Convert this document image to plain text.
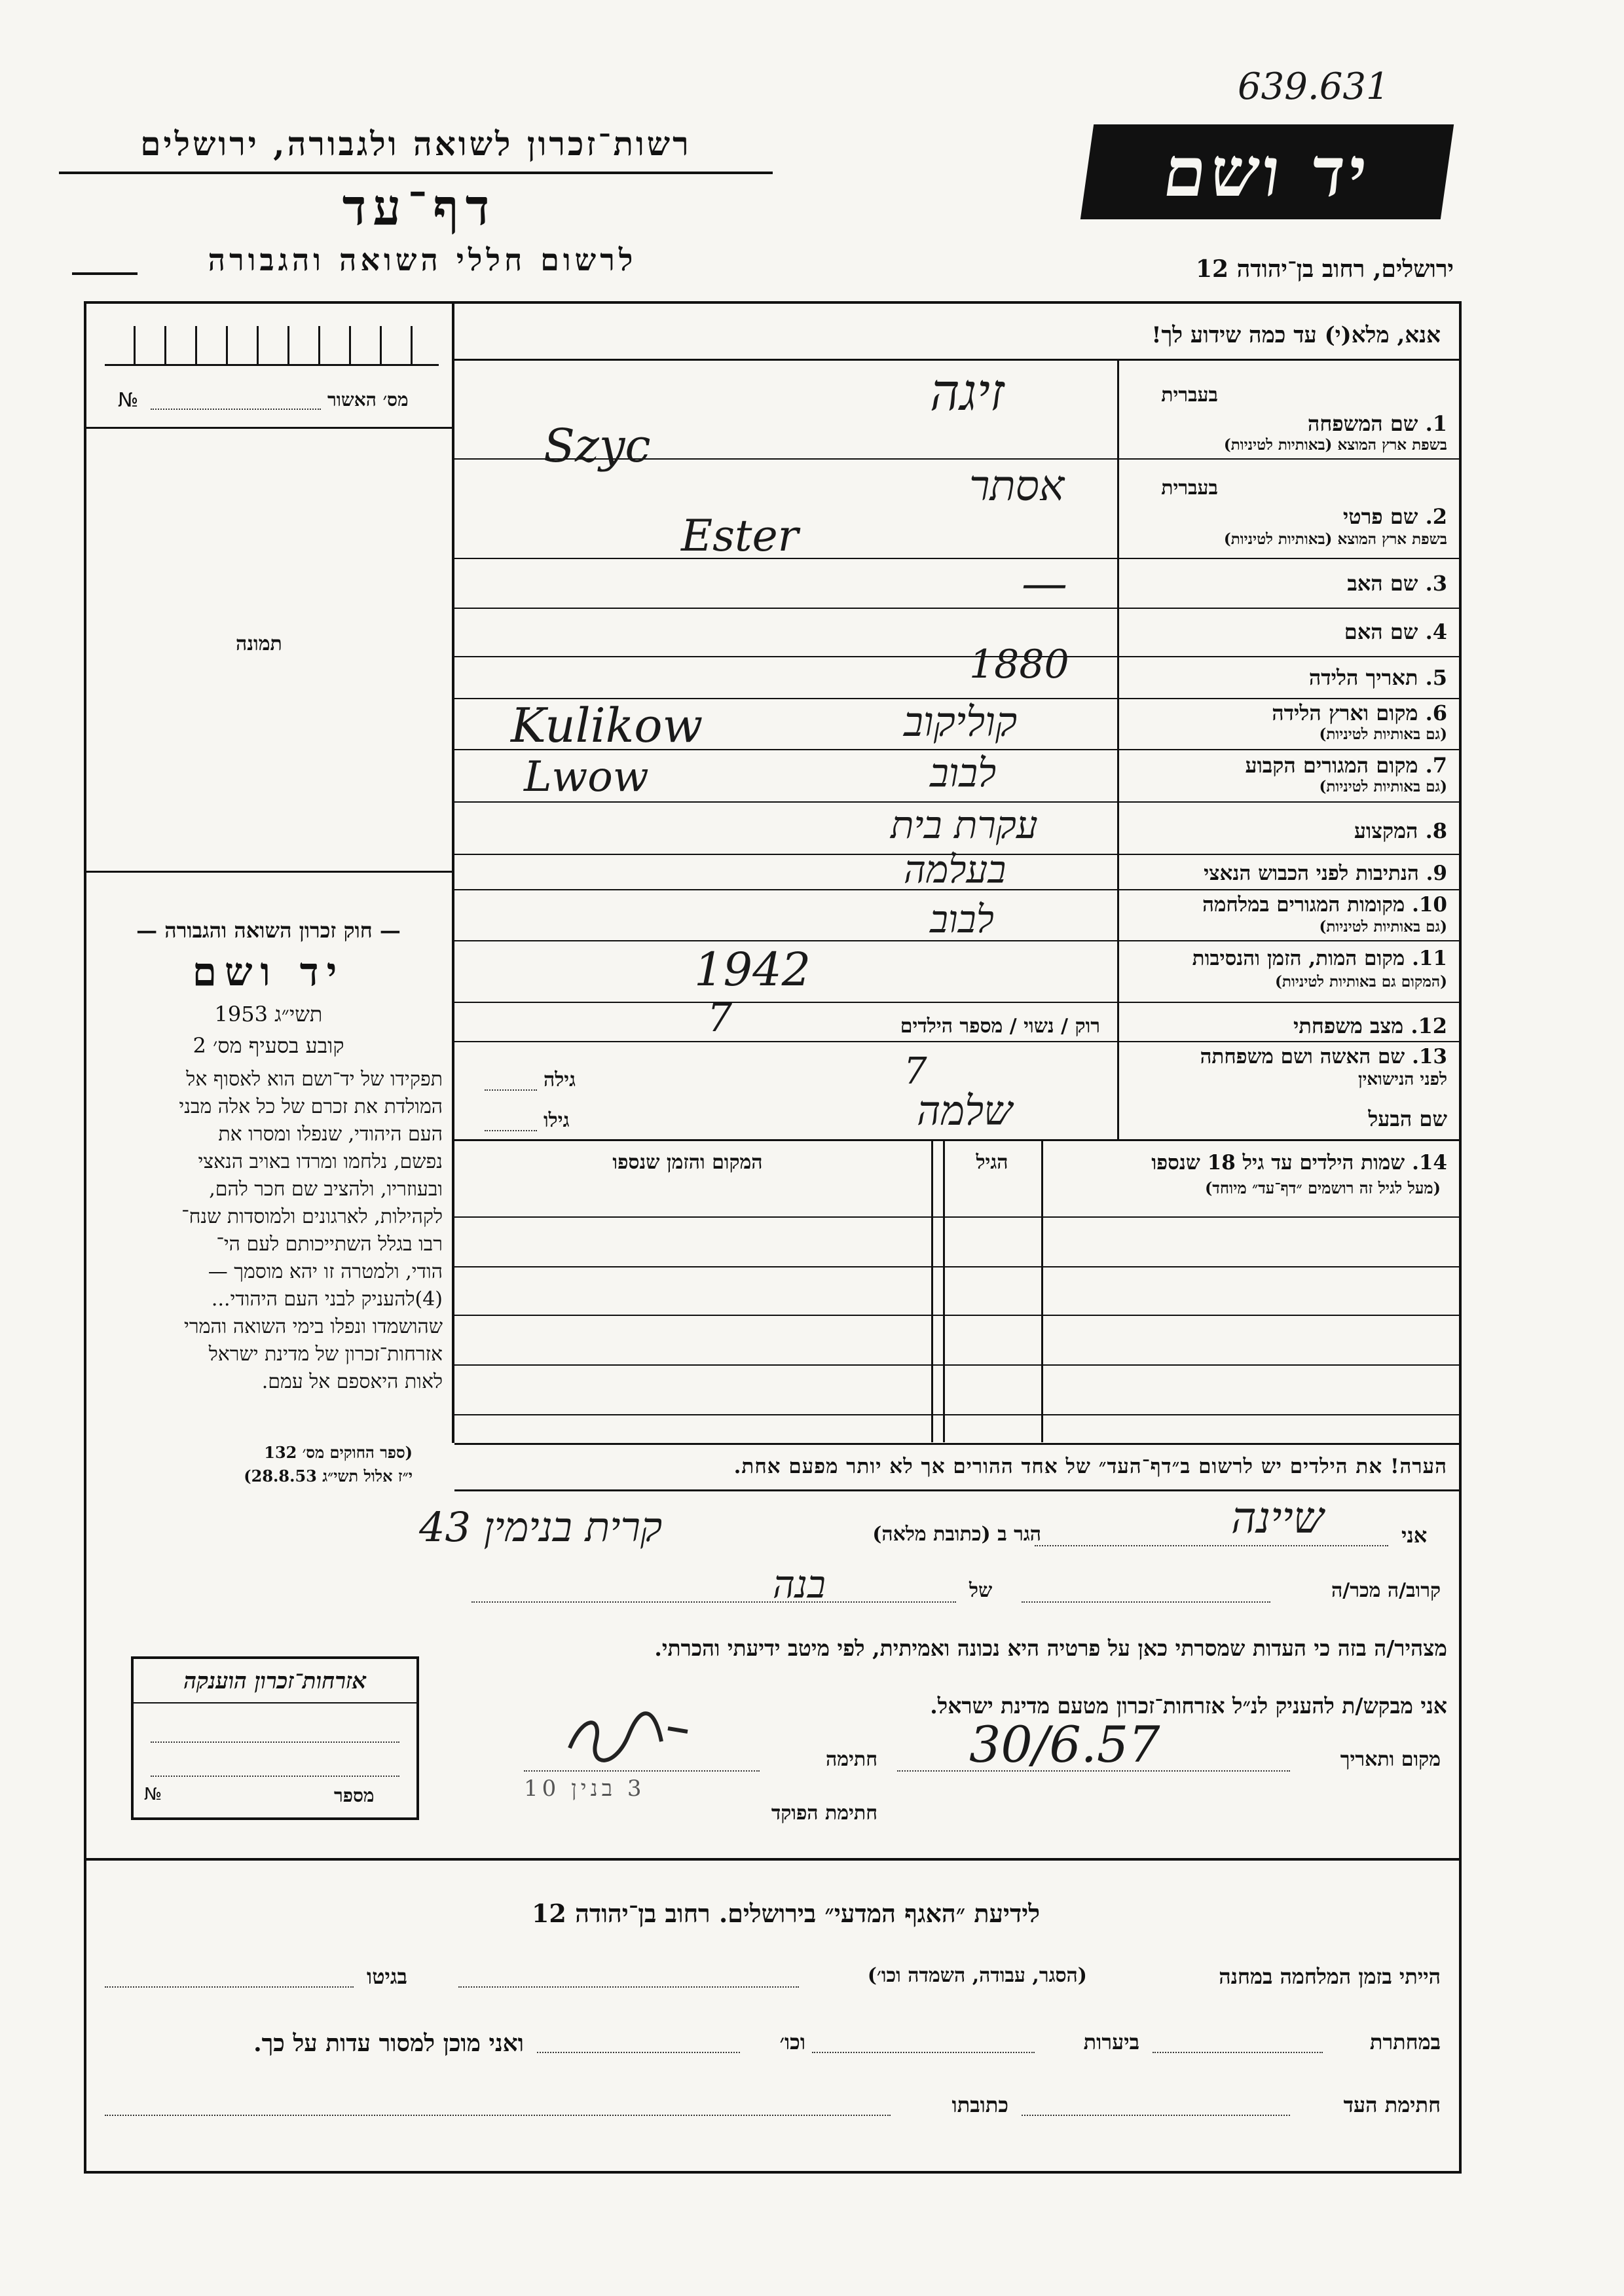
639.631
רשות־זכרון לשואה ולגבורה, ירושלים
דף־עד
לרשום חללי השואה והגבורה
יד ושם
ירושלים, רחוב בן־יהודה 12
מס׳ האשור
№
תמונה
— חוק זכרון השואה והגבורה —
יד ושם
תשי״ג 1953
קובע בסעיף מס׳ 2
תפקידו של יד־ושם הוא לאסוף אל
המולדת את זכרם של כל אלה מבני
העם היהודי, שנפלו ומסרו את
נפשם, נלחמו ומרדו באויב הנאצי
ובעוזריו, ולהציב שם חכר להם,
לקהילות, לארגונים ולמוסדות שנח־
רבו בגלל השתייכותם לעם הי־
הודי, ולמטרה זו יהא מוסמך —
(4)להעניק לבני העם היהודי...
שהושמדו ונפלו בימי השואה והמרי
אזרחות־זכרון של מדינת ישראל
לאות היאספם אל עמם.
(ספר החוקים מס׳ 132
י״ז אלול תשי״ג 28.8.53)
אנא, מלא(י) עד כמה שידוע לך!
בעברית
1. שם המשפחה
בשפת ארץ המוצא (באותיות לטיניות)
זיגה
Szyc
בעברית
2. שם פרטי
בשפת ארץ המוצא (באותיות לטיניות)
אסתר
Ester
3. שם האב
—
4. שם האם
5. תאריך הלידה
1880
6. מקום וארץ הלידה
(גם באותיות לטיניות)
קוליקוב
Kulikow
7. מקום המגורים הקבוע
(גם באותיות לטיניות)
לבוב
Lwow
8. המקצוע
עקרת בית
9. הנתיבות לפני הכבוש הנאצי
בעלמה
10. מקומות המגורים במלחמה
(גם באותיות לטיניות)
לבוב
11. מקום המות, הזמן והנסיבות
(המקום גם באותיות לטיניות)
1942
12. מצב משפחתי
רוק / נשוי / מספר הילדים
7
13. שם האשה ושם משפחתה
לפני הנישואין
גילה	7
שם הבעל
גילו	שלמה
14. שמות הילדים עד גיל 18 שנספו
(מעל לגיל זה רושמים ״דף־עד״ מיוחד)
הגיל
המקום והזמן שנספו
הערה! את הילדים יש לרשום ב״דף־העד״ של אחד ההורים אך לא יותר מפעם אחת.
אני
שיינה
הגר ב (כתובת מלאה)
קרית בנימין 43
קרוב/ה מכר/ה
של
בנה
מצהיר/ה בזה כי העדות שמסרתי כאן על פרטיה היא נכונה ואמיתית, לפי מיטב ידיעתי והכרתי.
אני מבקש/ת להעניק לנ״ל אזרחות־זכרון מטעם מדינת ישראל.
מקום ותאריך
30/6.57
חתימה
חתימת הפוקד
3 בנין 10
אזרחות־זכרון הוענקה
מספר
№
לידיעת ״האגף המדעי״ בירושלים. רחוב בן־יהודה 12
הייתי בזמן המלחמה במחנה
(הסגר, עבודה, השמדה וכו׳)
בגיטו
במחתרת
ביערות
וכו׳
ואני מוכן למסור עדות על כך.
חתימת העד
כתובתו
